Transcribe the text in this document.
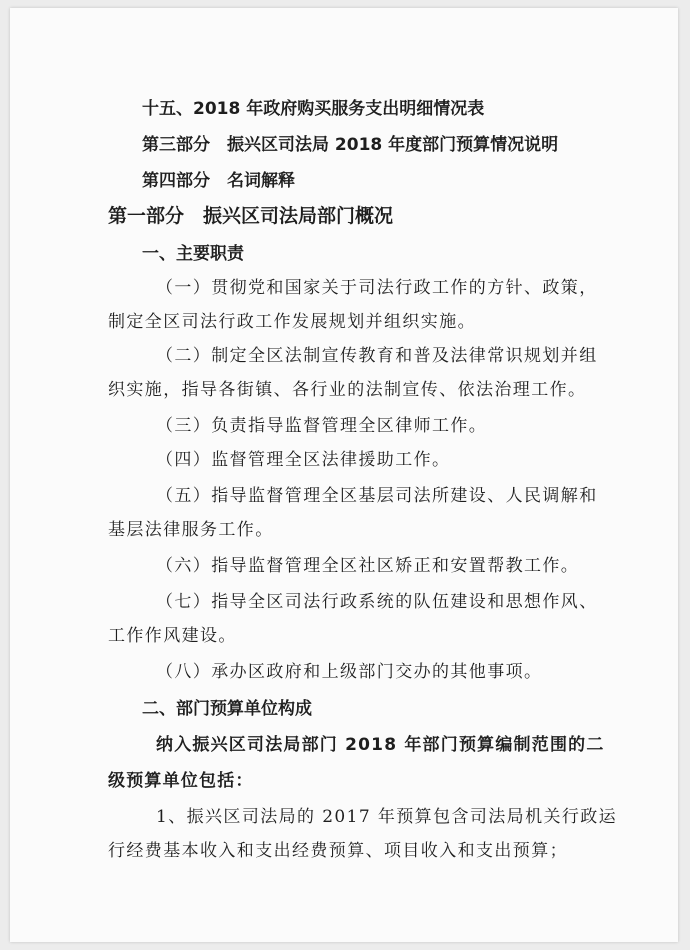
十五、2018 年政府购买服务支出明细情况表
第三部分　振兴区司法局 2018 年度部门预算情况说明
第四部分　名词解释
第一部分　振兴区司法局部门概况
一、主要职责
（一）贯彻党和国家关于司法行政工作的方针、政策，
制定全区司法行政工作发展规划并组织实施。
（二）制定全区法制宣传教育和普及法律常识规划并组
织实施，指导各街镇、各行业的法制宣传、依法治理工作。
（三）负责指导监督管理全区律师工作。
（四）监督管理全区法律援助工作。
（五）指导监督管理全区基层司法所建设、人民调解和
基层法律服务工作。
（六）指导监督管理全区社区矫正和安置帮教工作。
（七）指导全区司法行政系统的队伍建设和思想作风、
工作作风建设。
（八）承办区政府和上级部门交办的其他事项。
二、部门预算单位构成
纳入振兴区司法局部门 2018 年部门预算编制范围的二
级预算单位包括：
1、振兴区司法局的 2017 年预算包含司法局机关行政运
行经费基本收入和支出经费预算、项目收入和支出预算；
